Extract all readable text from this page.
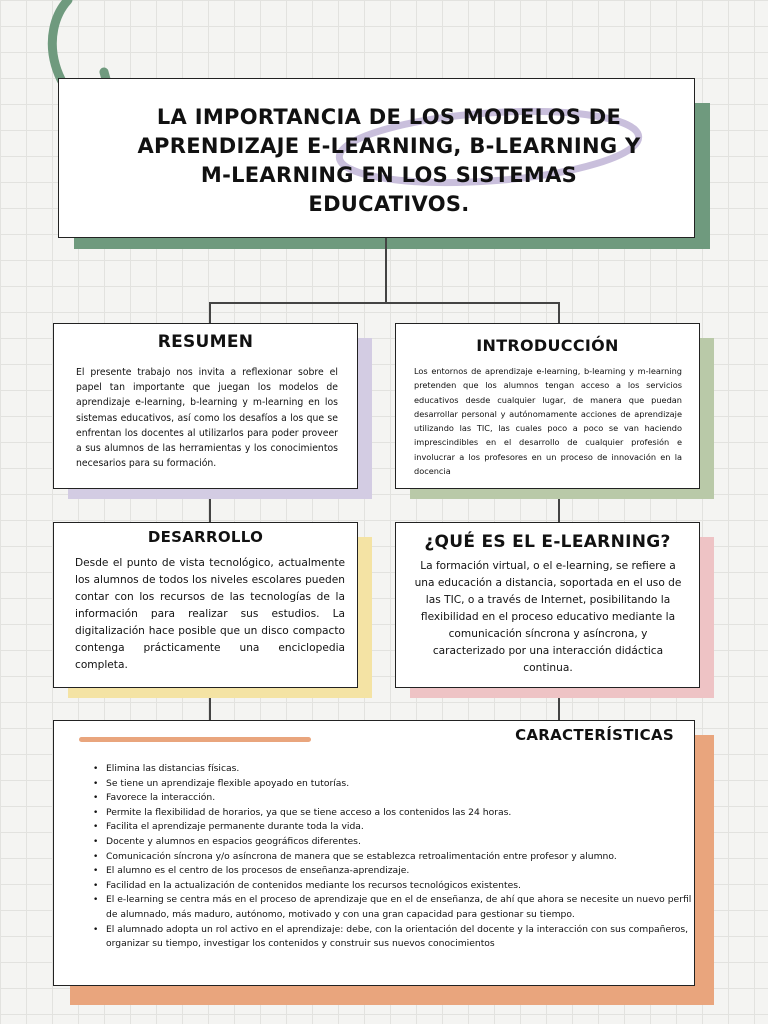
LA IMPORTANCIA DE LOS MODELOS DE APRENDIZAJE E-LEARNING, B-LEARNING Y M-LEARNING EN LOS SISTEMAS EDUCATIVOS.
RESUMEN

El presente trabajo nos invita a reflexionar sobre el papel tan importante que juegan los modelos de aprendizaje e-learning, b-learning y m-learning en los sistemas educativos, así como los desafíos a los que se enfrentan los docentes al utilizarlos para poder proveer a sus alumnos de las herramientas y los conocimientos necesarios para su formación.

INTRODUCCIÓN

Los entornos de aprendizaje e-learning, b-learning y m-learning pretenden que los alumnos tengan acceso a los servicios educativos desde cualquier lugar, de manera que puedan desarrollar personal y autónomamente acciones de aprendizaje utilizando las TIC, las cuales poco a poco se van haciendo imprescindibles en el desarrollo de cualquier profesión e involucrar a los profesores en un proceso de innovación en la docencia

DESARROLLO

Desde el punto de vista tecnológico, actualmente los alumnos de todos los niveles escolares pueden contar con los recursos de las tecnologías de la información para realizar sus estudios. La digitalización hace posible que un disco compacto contenga prácticamente una enciclopedia completa.

¿QUÉ ES EL E-LEARNING?

La formación virtual, o el e-learning, se refiere a una educación a distancia, soportada en el uso de las TIC, o a través de Internet, posibilitando la flexibilidad en el proceso educativo mediante la comunicación síncrona y asíncrona, y caracterizado por una interacción didáctica continua.

CARACTERÍSTICAS
• Elimina las distancias físicas.
• Se tiene un aprendizaje flexible apoyado en tutorías.
• Favorece la interacción.
• Permite la flexibilidad de horarios, ya que se tiene acceso a los contenidos las 24 horas.
• Facilita el aprendizaje permanente durante toda la vida.
• Docente y alumnos en espacios geográficos diferentes.
• Comunicación síncrona y/o asíncrona de manera que se establezca retroalimentación entre profesor y alumno.
• El alumno es el centro de los procesos de enseñanza-aprendizaje.
• Facilidad en la actualización de contenidos mediante los recursos tecnológicos existentes.
• El e-learning se centra más en el proceso de aprendizaje que en el de enseñanza, de ahí que ahora se necesite un nuevo perfil de alumnado, más maduro, autónomo, motivado y con una gran capacidad para gestionar su tiempo.
• El alumnado adopta un rol activo en el aprendizaje: debe, con la orientación del docente y la interacción con sus compañeros, organizar su tiempo, investigar los contenidos y construir sus nuevos conocimientos
